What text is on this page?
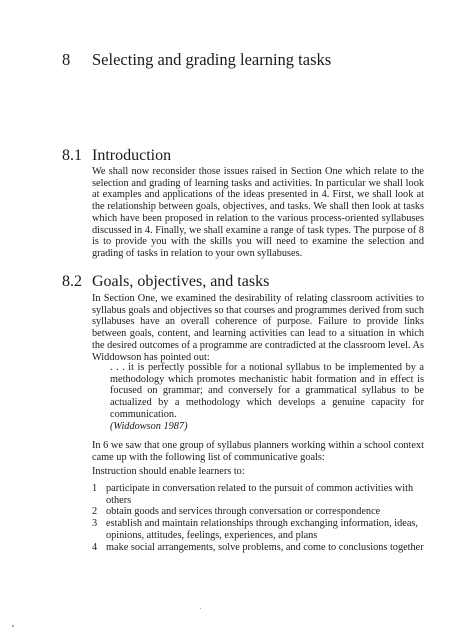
8 Selecting and grading learning tasks
8.1 Introduction

We shall now reconsider those issues raised in Section One which relate to the selection and grading of learning tasks and activities. In particular we shall look at examples and applications of the ideas presented in 4. First, we shall look at the relationship between goals, objectives, and tasks. We shall then look at tasks which have been proposed in relation to the various process-oriented syllabuses discussed in 4. Finally, we shall examine a range of task types. The purpose of 8 is to provide you with the skills you will need to examine the selection and grading of tasks in relation to your own syllabuses.

8.2 Goals, objectives, and tasks

In Section One, we examined the desirability of relating classroom activities to syllabus goals and objectives so that courses and programmes derived from such syllabuses have an overall coherence of purpose. Failure to provide links between goals, content, and learning activities can lead to a situation in which the desired outcomes of a programme are contradicted at the classroom level. As Widdowson has pointed out:

. . . it is perfectly possible for a notional syllabus to be implemented by a methodology which promotes mechanistic habit formation and in effect is focused on grammar; and conversely for a grammatical syllabus to be actualized by a methodology which develops a genuine capacity for communication.
(Widdowson 1987)

In 6 we saw that one group of syllabus planners working within a school context came up with the following list of communicative goals:

Instruction should enable learners to:

1 participate in conversation related to the pursuit of common activities with others
2 obtain goods and services through conversation or correspondence
3 establish and maintain relationships through exchanging information, ideas, opinions, attitudes, feelings, experiences, and plans
4 make social arrangements, solve problems, and come to conclusions together
